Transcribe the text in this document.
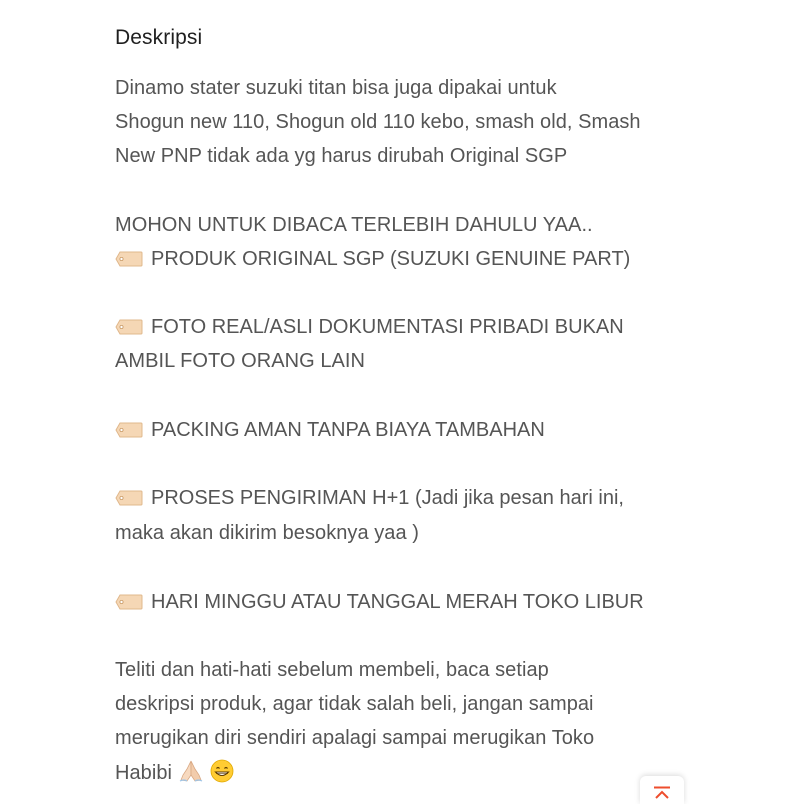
Deskripsi
Dinamo stater suzuki titan bisa juga dipakai untuk
Shogun new 110, Shogun old 110 kebo, smash old, Smash
New PNP tidak ada yg harus dirubah Original SGP
MOHON UNTUK DIBACA TERLEBIH DAHULU YAA..
PRODUK ORIGINAL SGP (SUZUKI GENUINE PART)
FOTO REAL/ASLI DOKUMENTASI PRIBADI BUKAN
AMBIL FOTO ORANG LAIN
PACKING AMAN TANPA BIAYA TAMBAHAN
PROSES PENGIRIMAN H+1 (Jadi jika pesan hari ini,
maka akan dikirim besoknya yaa )
HARI MINGGU ATAU TANGGAL MERAH TOKO LIBUR
Teliti dan hati-hati sebelum membeli, baca setiap
deskripsi produk, agar tidak salah beli, jangan sampai
merugikan diri sendiri apalagi sampai merugikan Toko
Habibi
